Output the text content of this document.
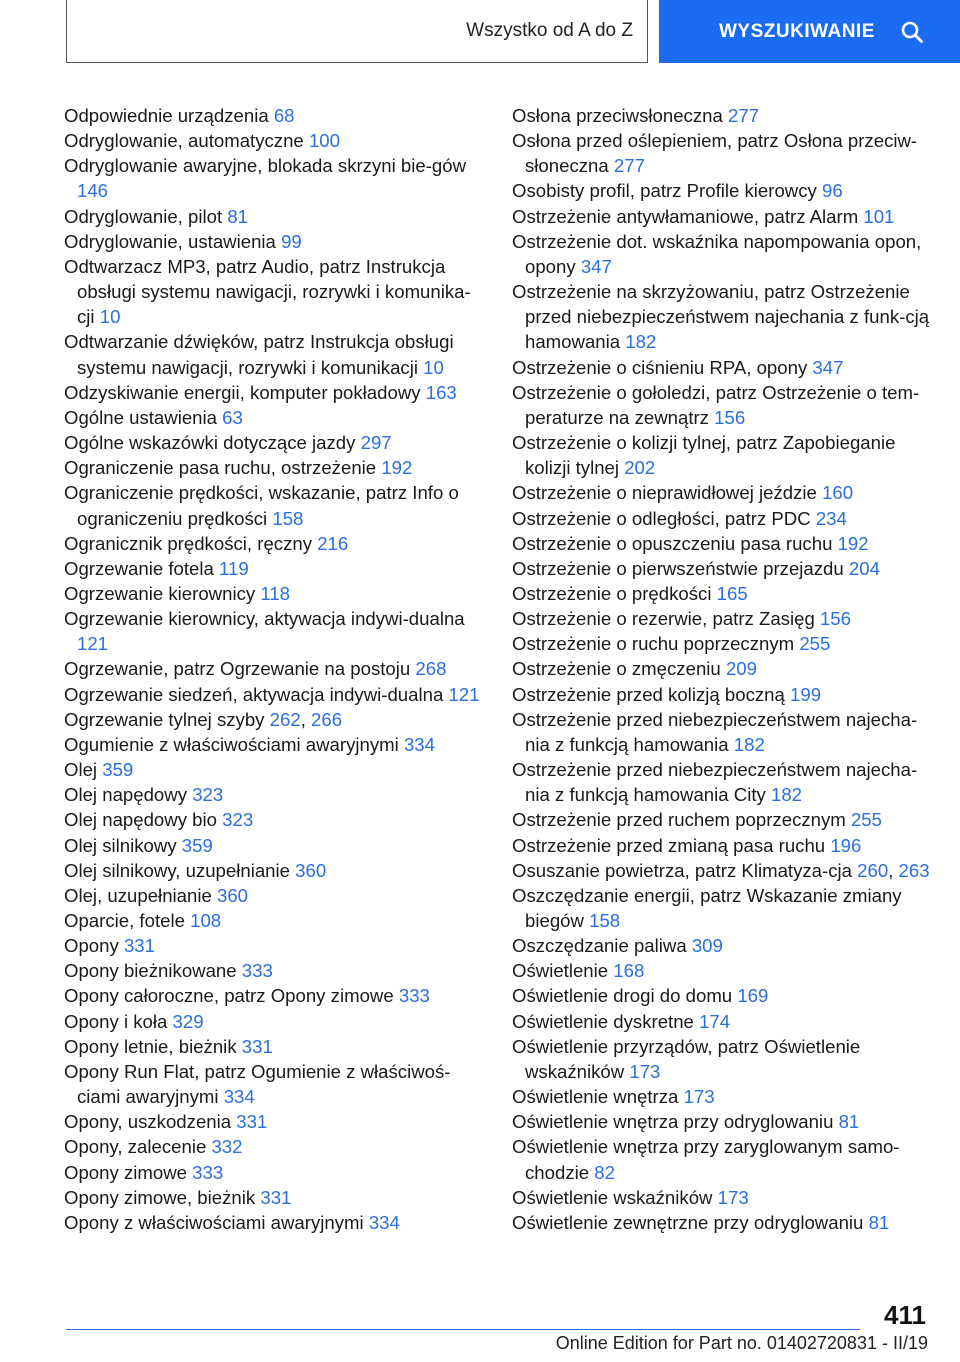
Wszystko od A do Z	WYSZUKIWANIE
Odpowiednie urządzenia 68
Odryglowanie, automatyczne 100
Odryglowanie awaryjne, blokada skrzyni bie-gów 146
Odryglowanie, pilot 81
Odryglowanie, ustawienia 99
Odtwarzacz MP3, patrz Audio, patrz Instrukcja obsługi systemu nawigacji, rozrywki i komunika-cji 10
Odtwarzanie dźwięków, patrz Instrukcja obsługi systemu nawigacji, rozrywki i komunikacji 10
Odzyskiwanie energii, komputer pokładowy 163
Ogólne ustawienia 63
Ogólne wskazówki dotyczące jazdy 297
Ograniczenie pasa ruchu, ostrzeżenie 192
Ograniczenie prędkości, wskazanie, patrz Info o ograniczeniu prędkości 158
Ogranicznik prędkości, ręczny 216
Ogrzewanie fotela 119
Ogrzewanie kierownicy 118
Ogrzewanie kierownicy, aktywacja indywi-dualna 121
Ogrzewanie, patrz Ogrzewanie na postoju 268
Ogrzewanie siedzeń, aktywacja indywi-dualna 121
Ogrzewanie tylnej szyby 262, 266
Ogumienie z właściwościami awaryjnymi 334
Olej 359
Olej napędowy 323
Olej napędowy bio 323
Olej silnikowy 359
Olej silnikowy, uzupełnianie 360
Olej, uzupełnianie 360
Oparcie, fotele 108
Opony 331
Opony bieżnikowane 333
Opony całoroczne, patrz Opony zimowe 333
Opony i koła 329
Opony letnie, bieżnik 331
Opony Run Flat, patrz Ogumienie z właściwoś-ciami awaryjnymi 334
Opony, uszkodzenia 331
Opony, zalecenie 332
Opony zimowe 333
Opony zimowe, bieżnik 331
Opony z właściwościami awaryjnymi 334
Osłona przeciwsłoneczna 277
Osłona przed oślepieniem, patrz Osłona przeciw-słoneczna 277
Osobisty profil, patrz Profile kierowcy 96
Ostrzeżenie antywłamaniowe, patrz Alarm 101
Ostrzeżenie dot. wskaźnika napompowania opon, opony 347
Ostrzeżenie na skrzyżowaniu, patrz Ostrzeżenie przed niebezpieczeństwem najechania z funk-cją hamowania 182
Ostrzeżenie o ciśnieniu RPA, opony 347
Ostrzeżenie o gołoledzi, patrz Ostrzeżenie o tem-peraturze na zewnątrz 156
Ostrzeżenie o kolizji tylnej, patrz Zapobieganie kolizji tylnej 202
Ostrzeżenie o nieprawidłowej jeździe 160
Ostrzeżenie o odległości, patrz PDC 234
Ostrzeżenie o opuszczeniu pasa ruchu 192
Ostrzeżenie o pierwszeństwie przejazdu 204
Ostrzeżenie o prędkości 165
Ostrzeżenie o rezerwie, patrz Zasięg 156
Ostrzeżenie o ruchu poprzecznym 255
Ostrzeżenie o zmęczeniu 209
Ostrzeżenie przed kolizją boczną 199
Ostrzeżenie przed niebezpieczeństwem najecha-nia z funkcją hamowania 182
Ostrzeżenie przed niebezpieczeństwem najecha-nia z funkcją hamowania City 182
Ostrzeżenie przed ruchem poprzecznym 255
Ostrzeżenie przed zmianą pasa ruchu 196
Osuszanie powietrza, patrz Klimatyza-cja 260, 263
Oszczędzanie energii, patrz Wskazanie zmiany biegów 158
Oszczędzanie paliwa 309
Oświetlenie 168
Oświetlenie drogi do domu 169
Oświetlenie dyskretne 174
Oświetlenie przyrządów, patrz Oświetlenie wskaźników 173
Oświetlenie wnętrza 173
Oświetlenie wnętrza przy odryglowaniu 81
Oświetlenie wnętrza przy zaryglowanym samo-chodzie 82
Oświetlenie wskaźników 173
Oświetlenie zewnętrzne przy odryglowaniu 81
411
Online Edition for Part no. 01402720831 - II/19
